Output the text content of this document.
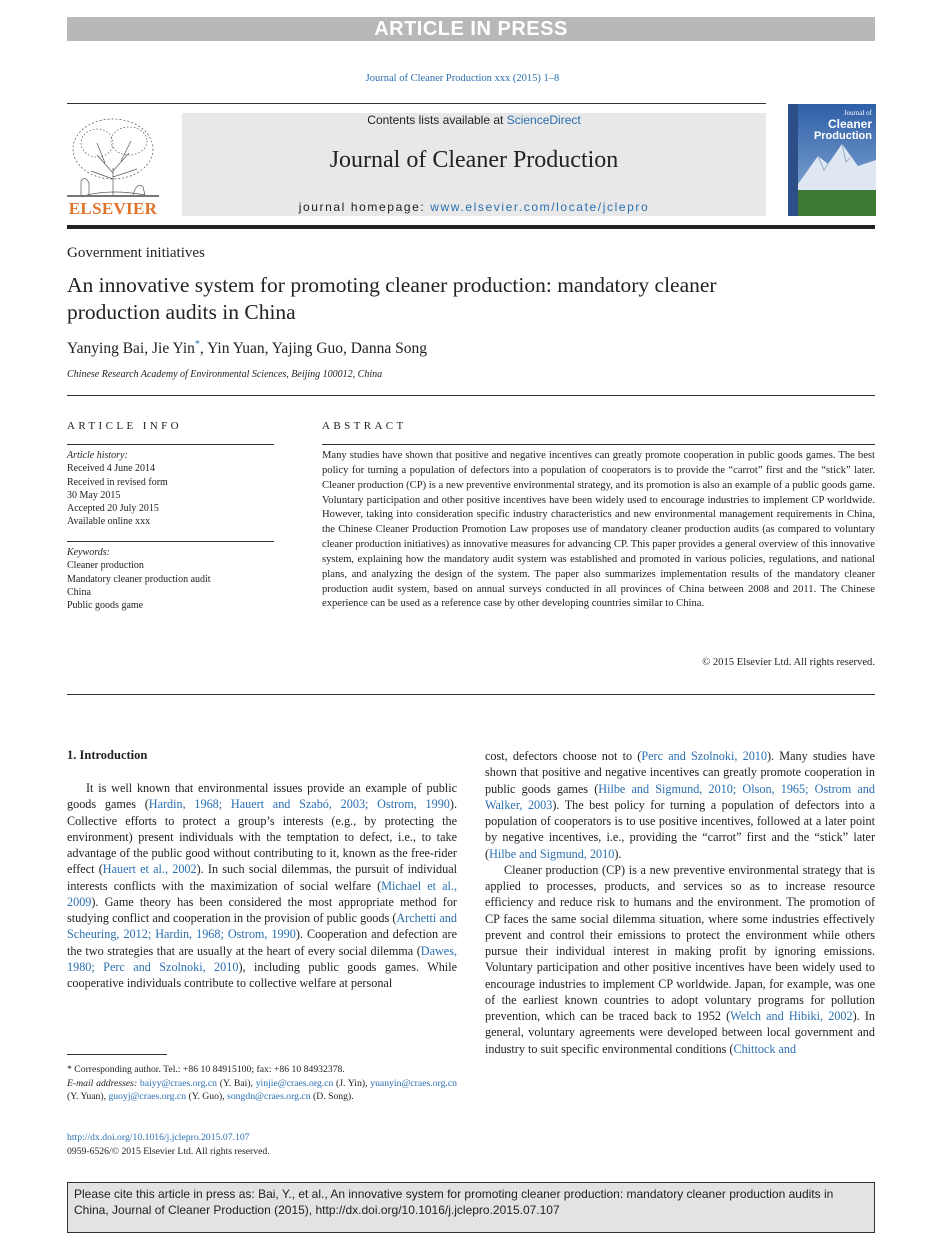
ARTICLE IN PRESS
Journal of Cleaner Production xxx (2015) 1–8
ELSEVIER
Contents lists available at ScienceDirect
Journal of Cleaner Production
journal homepage: www.elsevier.com/locate/jclepro
Journal of
Cleaner
Production
Government initiatives
An innovative system for promoting cleaner production: mandatory cleaner production audits in China
Yanying Bai, Jie Yin*, Yin Yuan, Yajing Guo, Danna Song
Chinese Research Academy of Environmental Sciences, Beijing 100012, China
ARTICLE INFO	ABSTRACT
Article history:
Received 4 June 2014
Received in revised form
30 May 2015
Accepted 20 July 2015
Available online xxx
Keywords:
Cleaner production
Mandatory cleaner production audit
China
Public goods game
Many studies have shown that positive and negative incentives can greatly promote cooperation in public goods games. The best policy for turning a population of defectors into a population of cooperators is to provide the “carrot” first and the “stick” later. Cleaner production (CP) is a new preventive environmental strategy, and its promotion is also an example of a public goods game. Voluntary participation and other positive incentives have been widely used to encourage industries to implement CP worldwide. However, taking into consideration specific industry characteristics and new environmental management requirements in China, the Chinese Cleaner Production Promotion Law proposes use of mandatory cleaner production audits (as compared to voluntary cleaner production initiatives) as innovative measures for advancing CP. This paper provides a general overview of this innovative system, explaining how the mandatory audit system was established and promoted in various policies, regulations, and national plans, and analyzing the design of the system. The paper also summarizes implementation results of the mandatory cleaner production audit system, based on annual surveys conducted in all provinces of China between 2008 and 2011. The Chinese experience can be used as a reference case by other developing countries similar to China.
© 2015 Elsevier Ltd. All rights reserved.
1. Introduction
It is well known that environmental issues provide an example of public goods games (Hardin, 1968; Hauert and Szabó, 2003; Ostrom, 1990). Collective efforts to protect a group’s interests (e.g., by protecting the environment) present individuals with the temptation to defect, i.e., to take advantage of the public good without contributing to it, known as the free-rider effect (Hauert et al., 2002). In such social dilemmas, the pursuit of individual interests conflicts with the maximization of social welfare (Michael et al., 2009). Game theory has been considered the most appropriate method for studying conflict and cooperation in the provision of public goods (Archetti and Scheuring, 2012; Hardin, 1968; Ostrom, 1990). Cooperation and defection are the two strategies that are usually at the heart of every social dilemma (Dawes, 1980; Perc and Szolnoki, 2010), including public goods games. While cooperative individuals contribute to collective welfare at personal
cost, defectors choose not to (Perc and Szolnoki, 2010). Many studies have shown that positive and negative incentives can greatly promote cooperation in public goods games (Hilbe and Sigmund, 2010; Olson, 1965; Ostrom and Walker, 2003). The best policy for turning a population of defectors into a population of cooperators is to use positive incentives, followed at a later point by negative incentives, i.e., providing the “carrot” first and the “stick” later (Hilbe and Sigmund, 2010).
Cleaner production (CP) is a new preventive environmental strategy that is applied to processes, products, and services so as to increase resource efficiency and reduce risk to humans and the environment. The promotion of CP faces the same social dilemma situation, where some industries effectively prevent and control their emissions to protect the environment while others pursue their individual interest in making profit by ignoring emissions. Voluntary participation and other positive incentives have been widely used to encourage industries to implement CP worldwide. Japan, for example, was one of the earliest known countries to adopt voluntary programs for pollution prevention, which can be traced back to 1952 (Welch and Hibiki, 2002). In general, voluntary agreements were developed between local government and industry to suit specific environmental conditions (Chittock and
* Corresponding author. Tel.: +86 10 84915100; fax: +86 10 84932378.
E-mail addresses: baiyy@craes.org.cn (Y. Bai), yinjie@craes.org.cn (J. Yin), yuanyin@craes.org.cn (Y. Yuan), guoyj@craes.org.cn (Y. Guo), songdn@craes.org.cn (D. Song).
http://dx.doi.org/10.1016/j.jclepro.2015.07.107
0959-6526/© 2015 Elsevier Ltd. All rights reserved.
Please cite this article in press as: Bai, Y., et al., An innovative system for promoting cleaner production: mandatory cleaner production audits in China, Journal of Cleaner Production (2015), http://dx.doi.org/10.1016/j.jclepro.2015.07.107
